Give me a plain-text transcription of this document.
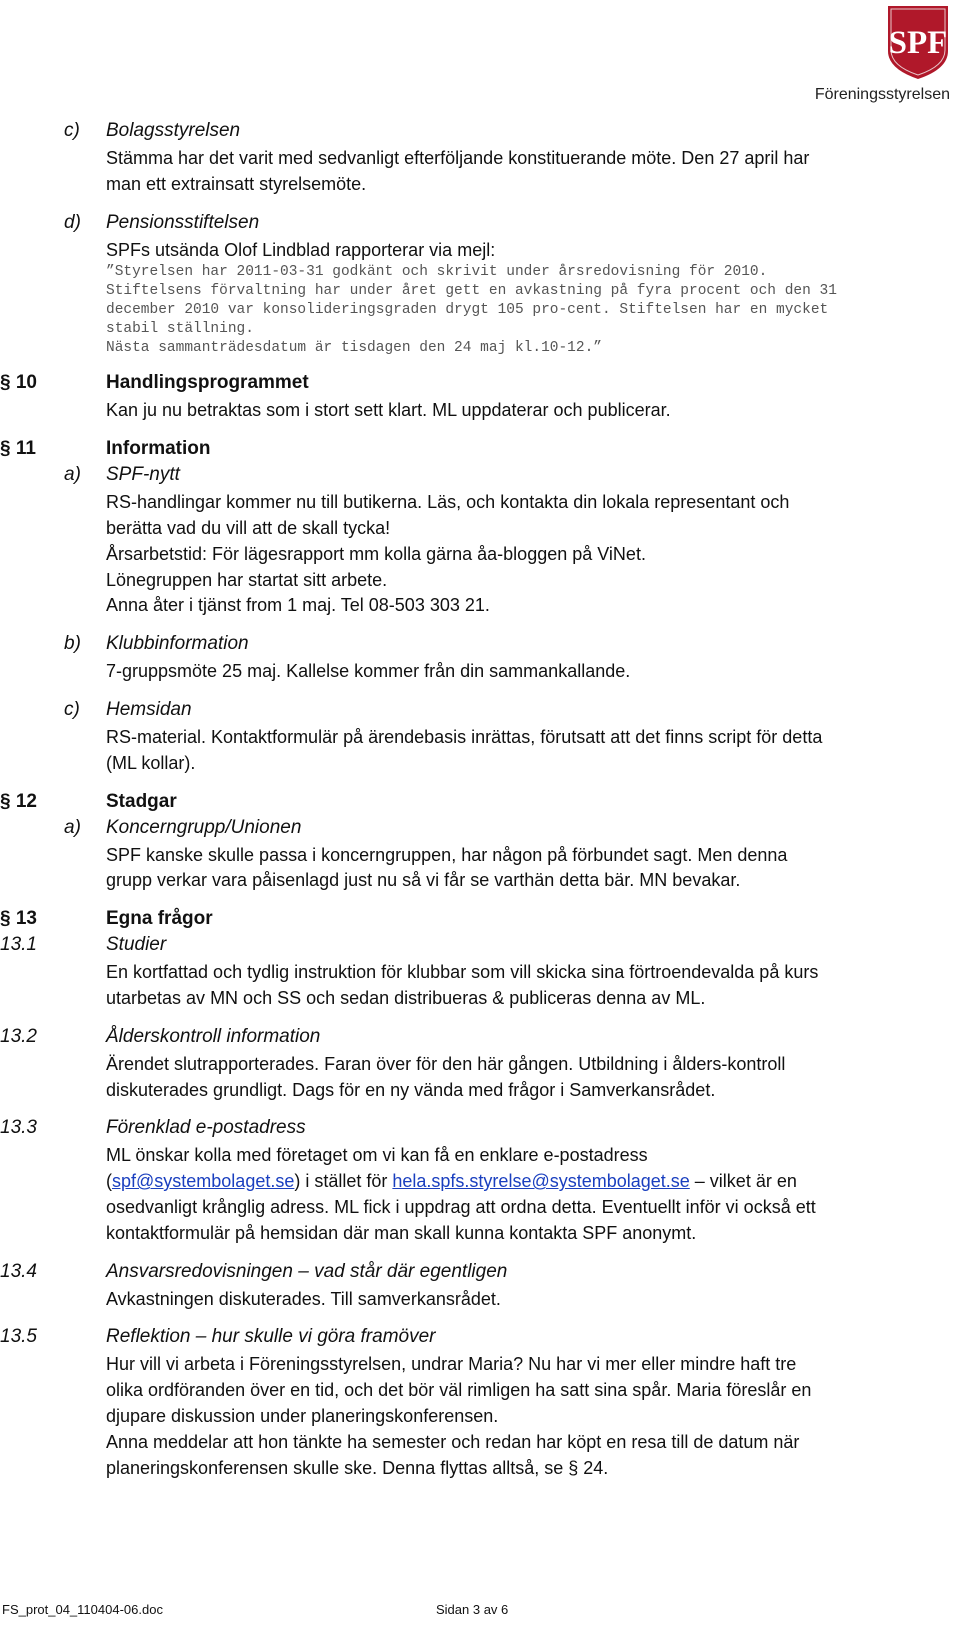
SPF
Föreningsstyrelsen
c) Bolagsstyrelsen
Stämma har det varit med sedvanligt efterföljande konstituerande möte. Den 27 april har man ett extrainsatt styrelsemöte.
d) Pensionsstiftelsen
SPFs utsända Olof Lindblad rapporterar via mejl:
”Styrelsen har 2011-03-31 godkänt och skrivit under årsredovisning för 2010. Stiftelsens förvaltning har under året gett en avkastning på fyra procent och den 31 december 2010 var konsolideringsgraden drygt 105 pro-cent. Stiftelsen har en mycket stabil ställning.
Nästa sammanträdesdatum är tisdagen den 24 maj kl.10-12.”
§ 10	Handlingsprogrammet
Kan ju nu betraktas som i stort sett klart. ML uppdaterar och publicerar.
§ 11	Information
a) SPF-nytt
RS-handlingar kommer nu till butikerna. Läs, och kontakta din lokala representant och berätta vad du vill att de skall tycka!
Årsarbetstid: För lägesrapport mm kolla gärna åa-bloggen på ViNet.
Lönegruppen har startat sitt arbete.
Anna åter i tjänst from 1 maj. Tel 08-503 303 21.
b) Klubbinformation
7-gruppsmöte 25 maj. Kallelse kommer från din sammankallande.
c) Hemsidan
RS-material. Kontaktformulär på ärendebasis inrättas, förutsatt att det finns script för detta (ML kollar).
§ 12	Stadgar
a) Koncerngrupp/Unionen
SPF kanske skulle passa i koncerngruppen, har någon på förbundet sagt. Men denna grupp verkar vara påisenlagd just nu så vi får se varthän detta bär. MN bevakar.
§ 13	Egna frågor
13.1	Studier
En kortfattad och tydlig instruktion för klubbar som vill skicka sina förtroendevalda på kurs utarbetas av MN och SS och sedan distribueras & publiceras denna av ML.
13.2	Ålderskontroll information
Ärendet slutrapporterades. Faran över för den här gången. Utbildning i ålders-kontroll diskuterades grundligt. Dags för en ny vända med frågor i Samverkansrådet.
13.3	Förenklad e-postadress
ML önskar kolla med företaget om vi kan få en enklare e-postadress (spf@systembolaget.se) i stället för hela.spfs.styrelse@systembolaget.se – vilket är en osedvanligt krånglig adress. ML fick i uppdrag att ordna detta. Eventuellt inför vi också ett kontaktformulär på hemsidan där man skall kunna kontakta SPF anonymt.
13.4	Ansvarsredovisningen – vad står där egentligen
Avkastningen diskuterades. Till samverkansrådet.
13.5	Reflektion – hur skulle vi göra framöver
Hur vill vi arbeta i Föreningsstyrelsen, undrar Maria? Nu har vi mer eller mindre haft tre olika ordföranden över en tid, och det bör väl rimligen ha satt sina spår. Maria föreslår en djupare diskussion under planeringskonferensen.
Anna meddelar att hon tänkte ha semester och redan har köpt en resa till de datum när planeringskonferensen skulle ske. Denna flyttas alltså, se § 24.
FS_prot_04_110404-06.doc	Sidan 3 av 6
